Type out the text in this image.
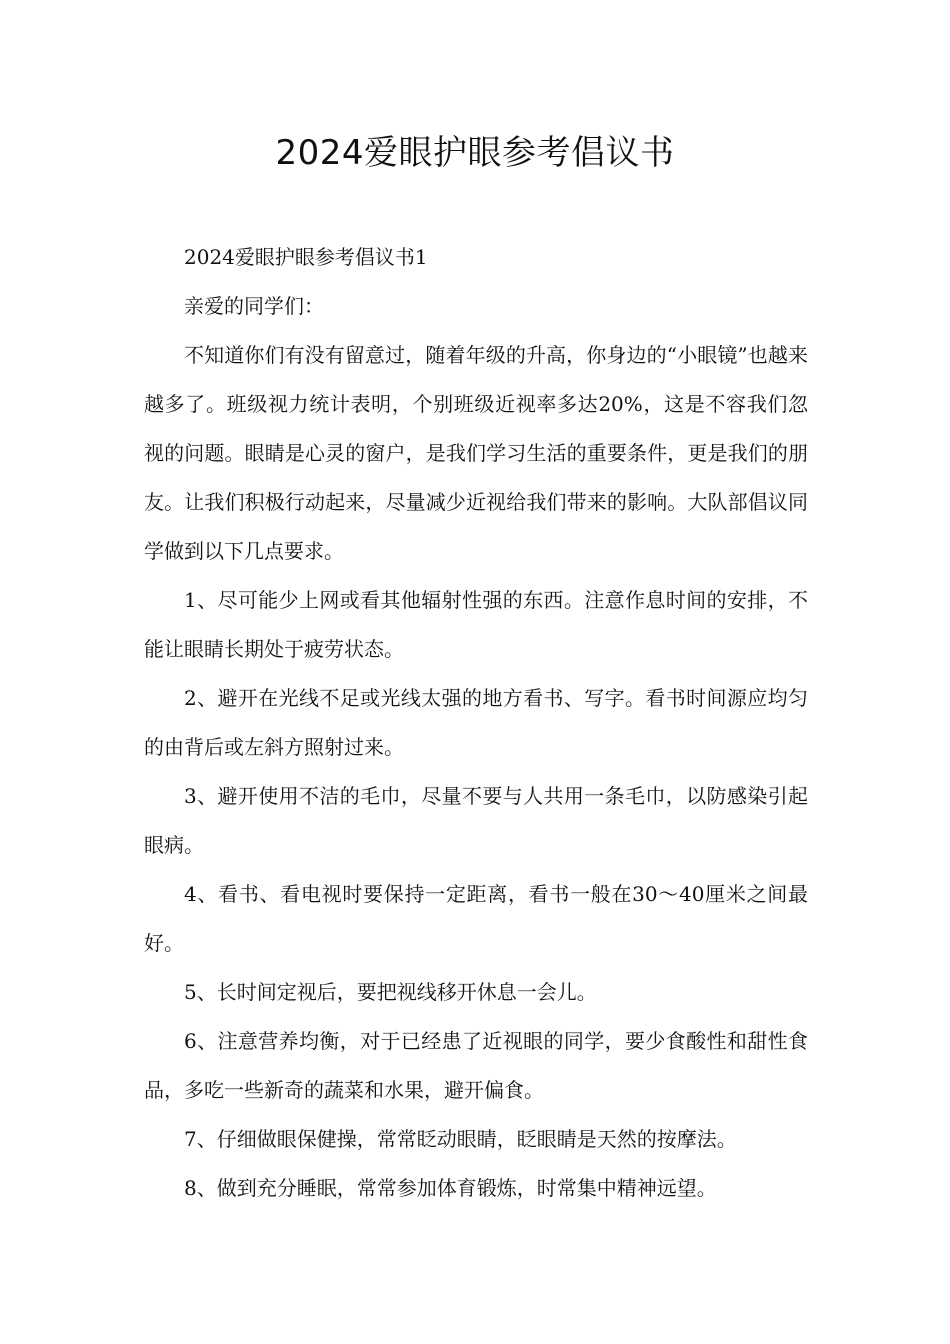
2024爱眼护眼参考倡议书

2024爱眼护眼参考倡议书1

亲爱的同学们：

不知道你们有没有留意过，随着年级的升高，你身边的“小眼镜”也越来越多了。班级视力统计表明，个别班级近视率多达20%，这是不容我们忽视的问题。眼睛是心灵的窗户，是我们学习生活的重要条件，更是我们的朋友。让我们积极行动起来，尽量减少近视给我们带来的影响。大队部倡议同学做到以下几点要求。

1、尽可能少上网或看其他辐射性强的东西。注意作息时间的安排，不能让眼睛长期处于疲劳状态。

2、避开在光线不足或光线太强的地方看书、写字。看书时间源应均匀的由背后或左斜方照射过来。

3、避开使用不洁的毛巾，尽量不要与人共用一条毛巾，以防感染引起眼病。

4、看书、看电视时要保持一定距离，看书一般在30～40厘米之间最好。

5、长时间定视后，要把视线移开休息一会儿。

6、注意营养均衡，对于已经患了近视眼的同学，要少食酸性和甜性食品，多吃一些新奇的蔬菜和水果，避开偏食。

7、仔细做眼保健操，常常眨动眼睛，眨眼睛是天然的按摩法。

8、做到充分睡眠，常常参加体育锻炼，时常集中精神远望。
